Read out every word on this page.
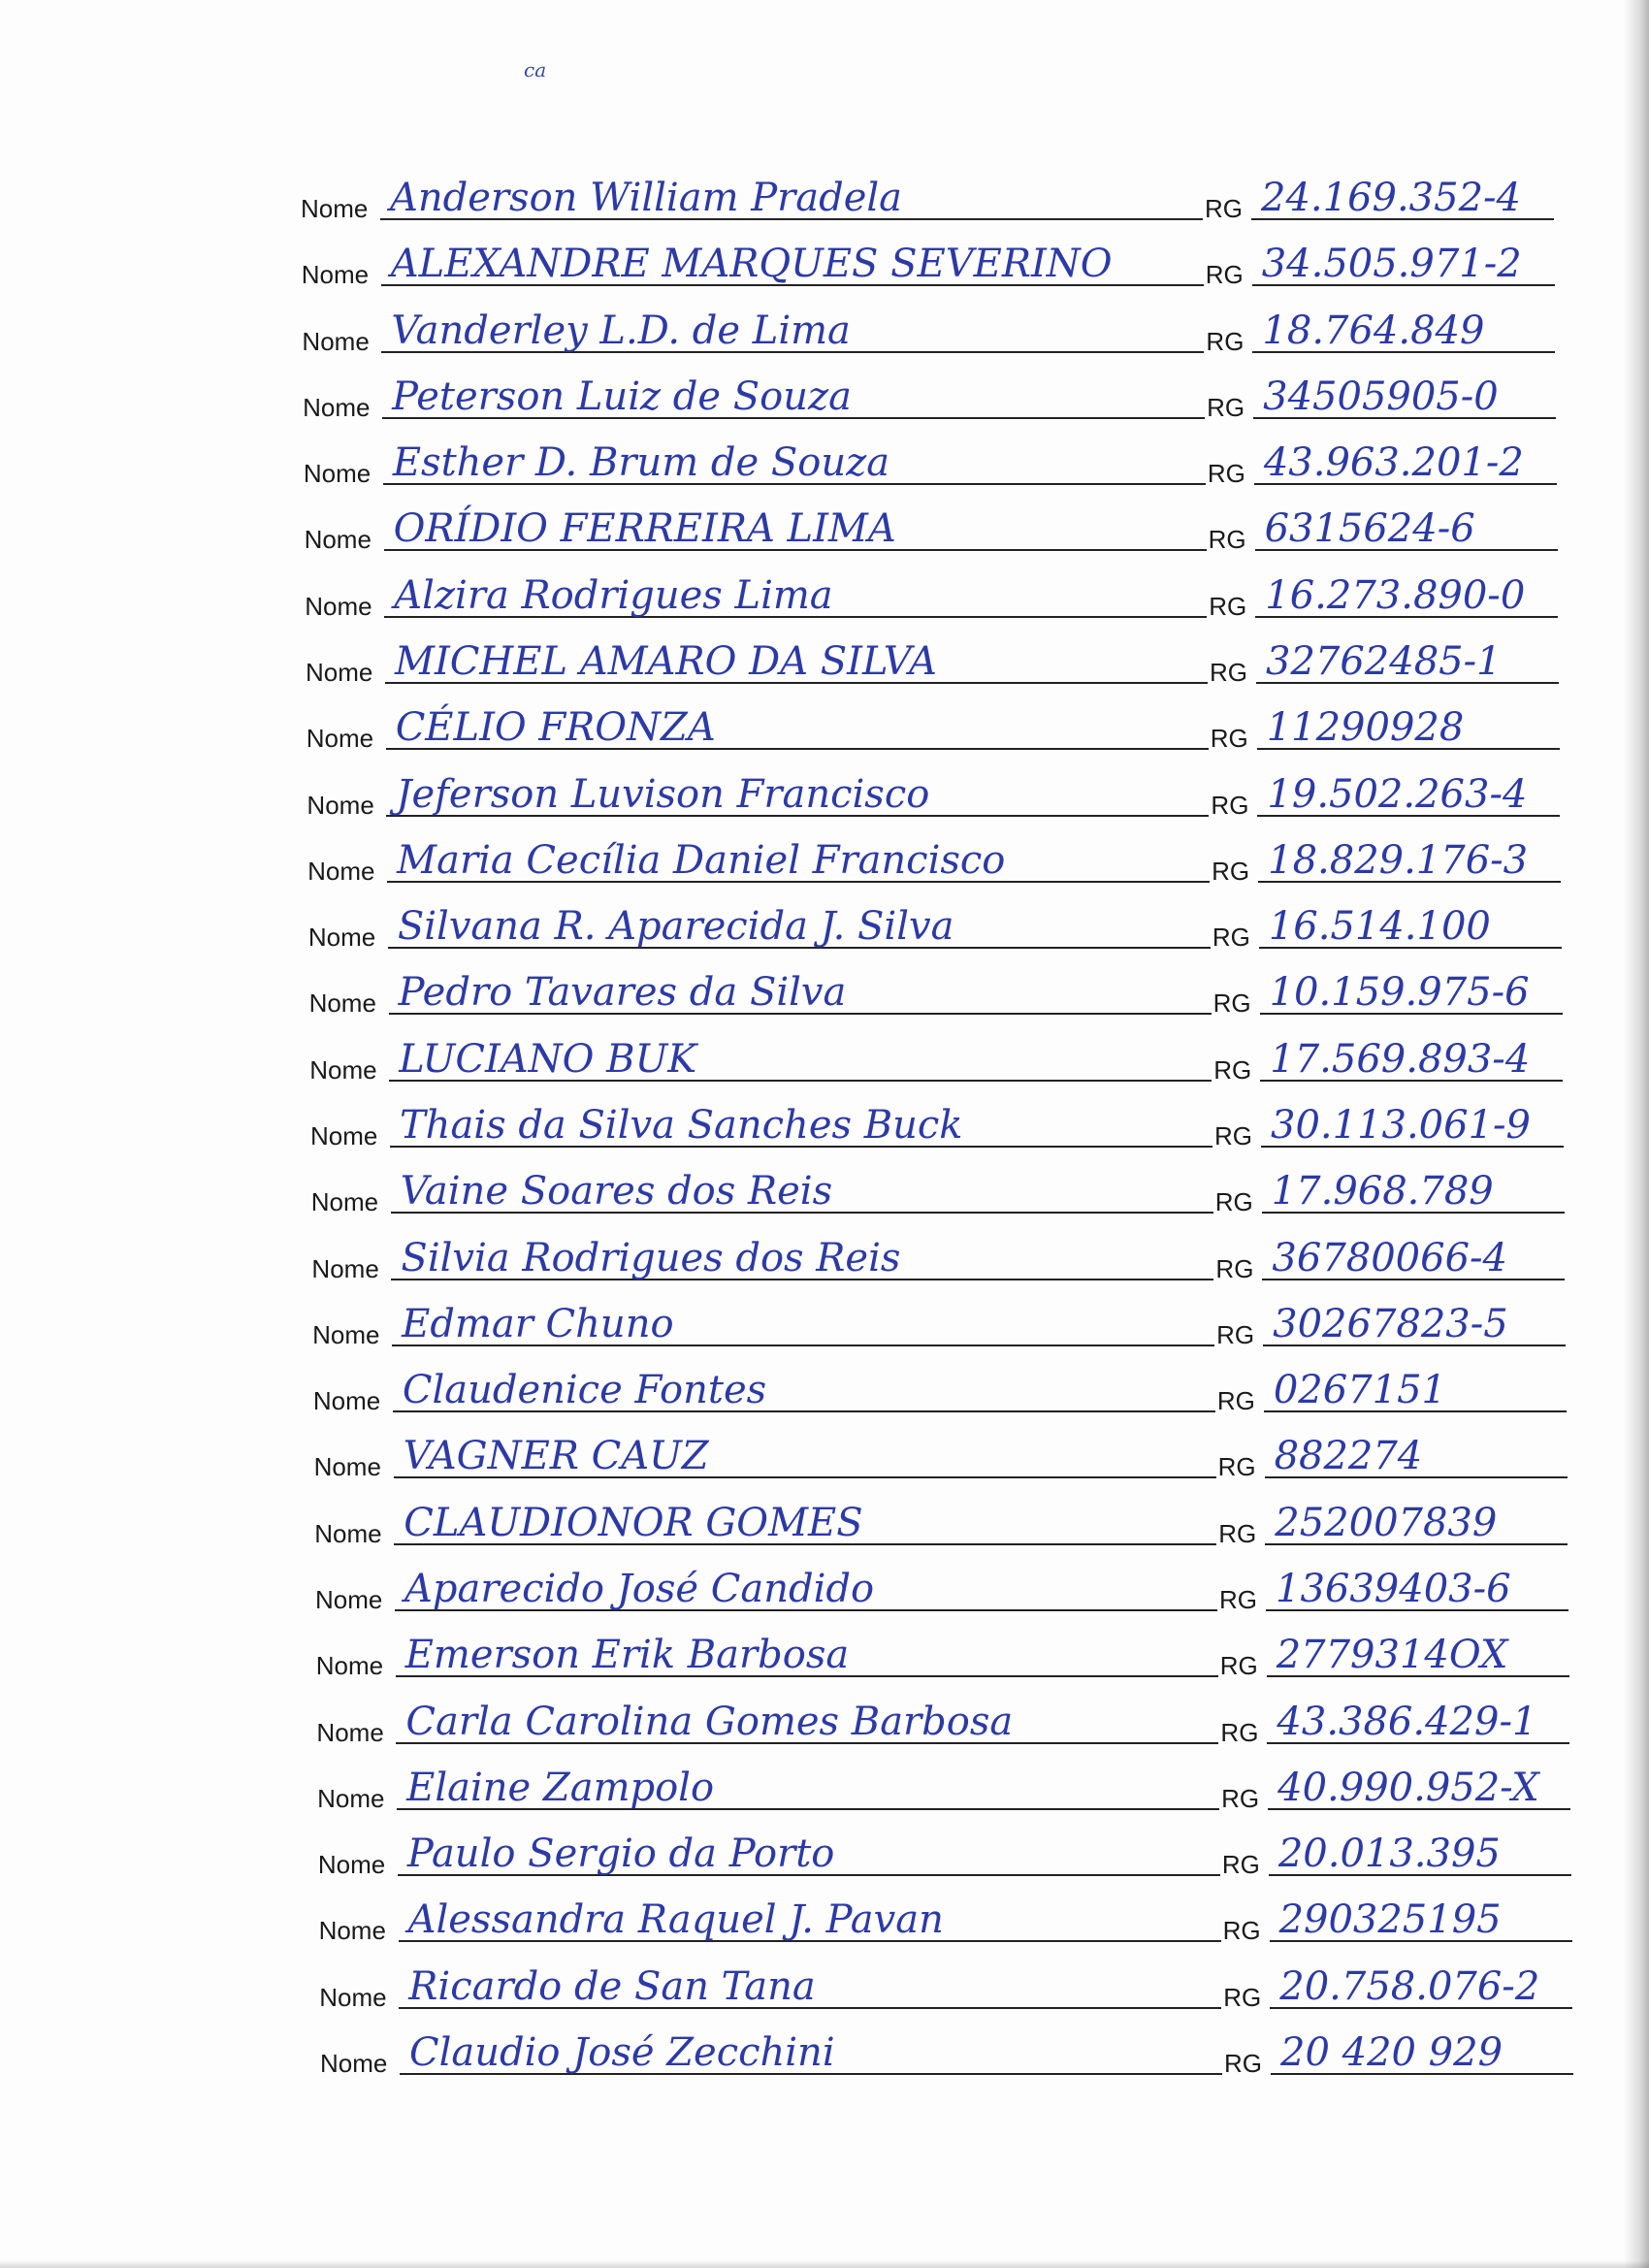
ca
Nome Anderson William Pradela	RG 24.169.352-4
Nome ALEXANDRE MARQUES SEVERINO	RG 34.505.971-2
Nome Vanderley L.D. de Lima	RG 18.764.849
Nome Peterson Luiz de Souza	RG 34505905-0
Nome Esther D. Brum de Souza	RG 43.963.201-2
Nome ORÍDIO FERREIRA LIMA	RG 6315624-6
Nome Alzira Rodrigues Lima	RG 16.273.890-0
Nome MICHEL AMARO DA SILVA	RG 32762485-1
Nome CÉLIO FRONZA	RG 11290928
Nome Jeferson Luvison Francisco	RG 19.502.263-4
Nome Maria Cecília Daniel Francisco	RG 18.829.176-3
Nome Silvana R. Aparecida J. Silva	RG 16.514.100
Nome Pedro Tavares da Silva	RG 10.159.975-6
Nome LUCIANO BUK	RG 17.569.893-4
Nome Thais da Silva Sanches Buck	RG 30.113.061-9
Nome Vaine Soares dos Reis	RG 17.968.789
Nome Silvia Rodrigues dos Reis	RG 36780066-4
Nome Edmar Chuno	RG 30267823-5
Nome Claudenice Fontes	RG 0267151
Nome VAGNER CAUZ	RG 882274
Nome CLAUDIONOR GOMES	RG 252007839
Nome Aparecido José Candido	RG 13639403-6
Nome Emerson Erik Barbosa	RG 2779314OX
Nome Carla Carolina Gomes Barbosa	RG 43.386.429-1
Nome Elaine Zampolo	RG 40.990.952-X
Nome Paulo Sergio da Porto	RG 20.013.395
Nome Alessandra Raquel J. Pavan	RG 290325195
Nome Ricardo de San Tana	RG 20.758.076-2
Nome Claudio José Zecchini	RG 20 420 929
